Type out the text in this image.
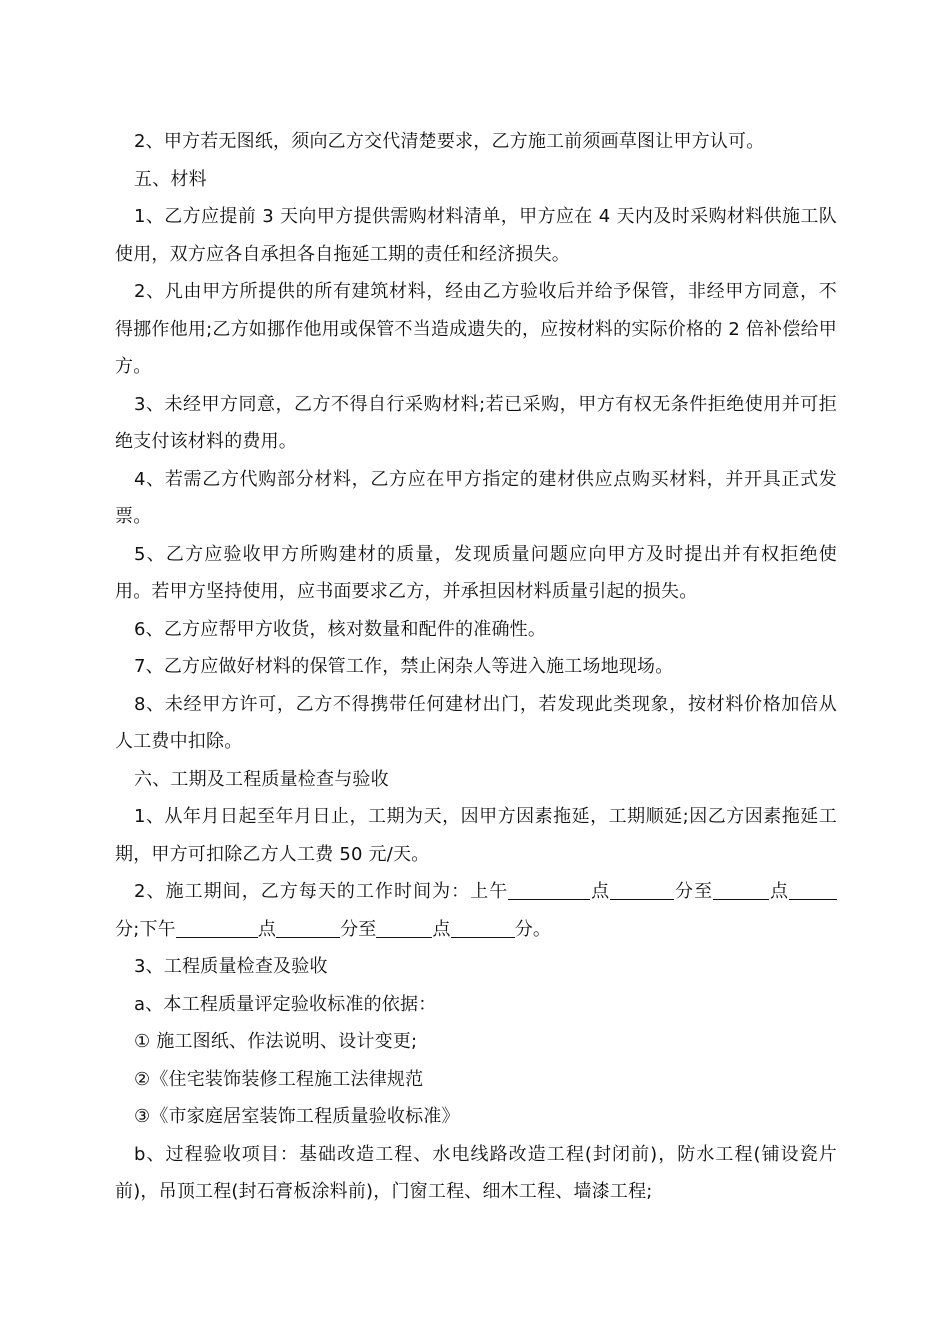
2、甲方若无图纸，须向乙方交代清楚要求，乙方施工前须画草图让甲方认可。

五、材料

1、乙方应提前 3 天向甲方提供需购材料清单，甲方应在 4 天内及时采购材料供施工队使用，双方应各自承担各自拖延工期的责任和经济损失。

2、凡由甲方所提供的所有建筑材料，经由乙方验收后并给予保管，非经甲方同意，不得挪作他用;乙方如挪作他用或保管不当造成遗失的，应按材料的实际价格的 2 倍补偿给甲方。

3、未经甲方同意，乙方不得自行采购材料;若已采购，甲方有权无条件拒绝使用并可拒绝支付该材料的费用。

4、若需乙方代购部分材料，乙方应在甲方指定的建材供应点购买材料，并开具正式发票。

5、乙方应验收甲方所购建材的质量，发现质量问题应向甲方及时提出并有权拒绝使用。若甲方坚持使用，应书面要求乙方，并承担因材料质量引起的损失。

6、乙方应帮甲方收货，核对数量和配件的准确性。

7、乙方应做好材料的保管工作，禁止闲杂人等进入施工场地现场。

8、未经甲方许可，乙方不得携带任何建材出门，若发现此类现象，按材料价格加倍从人工费中扣除。

六、工期及工程质量检查与验收

1、从年月日起至年月日止，工期为天，因甲方因素拖延，工期顺延;因乙方因素拖延工期，甲方可扣除乙方人工费 50 元/天。

2、施工期间，乙方每天的工作时间为：上午	点	分至	点分;下午	点	分至	点	分。

3、工程质量检查及验收

a、本工程质量评定验收标准的依据：

① 施工图纸、作法说明、设计变更;

②《住宅装饰装修工程施工法律规范

③《市家庭居室装饰工程质量验收标准》

b、过程验收项目：基础改造工程、水电线路改造工程(封闭前)，防水工程(铺设瓷片前)，吊顶工程(封石膏板涂料前)，门窗工程、细木工程、墙漆工程;
